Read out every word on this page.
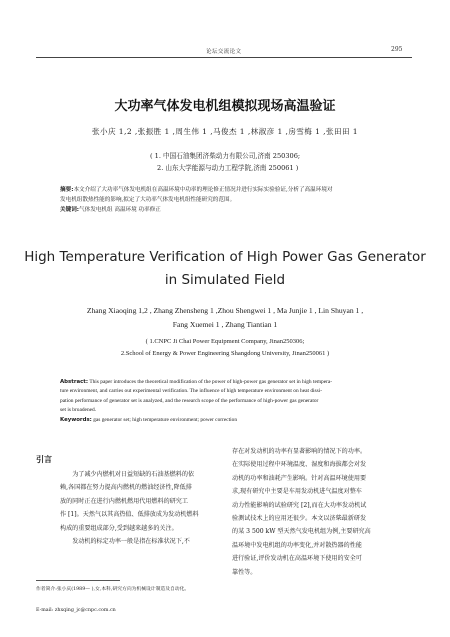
论坛交流论文	295
大功率气体发电机组模拟现场高温验证
张小庆 1,2 ,张振胜 1 ,周生伟 1 ,马俊杰 1 ,林淑彦 1 ,房雪梅 1 ,张田田 1
( 1. 中国石油集团济柴动力有限公司,济南 250306;
2. 山东大学能源与动力工程学院,济南 250061 )
摘要:本文介绍了大功率气体发电机组在高温环境中功率的理论修正情况并进行实际实验验证,分析了高温环境对
发电机组散热性能的影响,拟定了大功率气体发电机组性能研究的范围。
关键词:气体发电机组 高温环境 功率修正
High Temperature Verification of High Power Gas Generator
in Simulated Field
Zhang Xiaoqing 1,2 , Zhang Zhensheng 1 ,Zhou Shengwei 1 , Ma Junjie 1 , Lin Shuyan 1 ,
Fang Xuemei 1 , Zhang Tiantian 1
( 1.CNPC Ji Chai Power Equipment Company, Jinan250306;
2.School of Energy & Power Engineering Shangdong University, Jinan250061 )
Abstract: This paper introduces the theoretical modification of the power of high-power gas generator set in high tempera-
ture environment, and carries out experimental verification. The influence of high temperature environment on heat dissi-
pation performance of generator set is analyzed, and the research scope of the performance of high-power gas generator
set is broadened.
Keywords: gas generator set; high temperature environment; power correction
引言
为了减少内燃机对日益短缺的石油基燃料的依
赖,各国都在努力提高内燃机的燃油经济性,降低排
放的同时正在进行内燃机燃用代用燃料的研究工
作 [1]。天然气以其高热值、低排放成为发动机燃料
构成的重要组成部分,受到越来越多的关注。
发动机的标定功率一般是指在标准状况下,不
存在对发动机的功率有显著影响的情况下的功率。
在实际使用过程中环境温度、湿度和海拔都会对发
动机的功率和油耗产生影响。针对高温环境使用要
求,现有研究中主要是车用发动机进气温度对整车
动力性能影响的试验研究 [2],而在大功率发动机试
验测试技术上的应用还很少。本文以济柴最新研发
的某 3 500 kW 型天然气发电机组为例,主要研究高
温环境中发电机组的功率变化,并对散热器的性能
进行验证,评价发动机在高温环境下使用的安全可
靠性等。
作者简介:张小庆(1989— ),女,本科,研究方向为机械设计制造及自动化。
E-mail: zhxqing_jc@cnpc.com.cn
